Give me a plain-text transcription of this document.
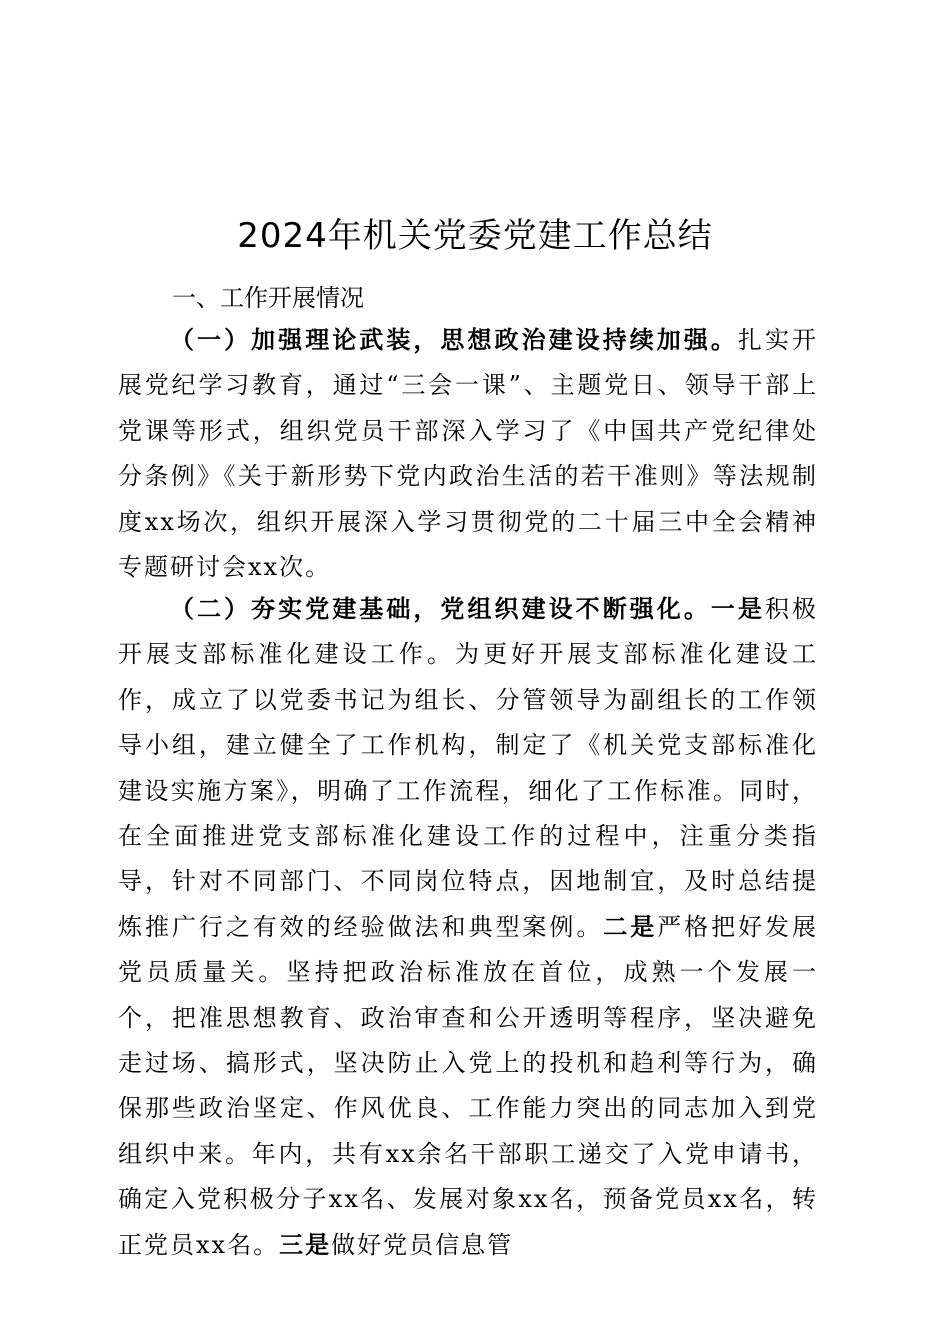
2024年机关党委党建工作总结
一、工作开展情况

（一）加强理论武装，思想政治建设持续加强。扎实开展党纪学习教育，通过“三会一课”、主题党日、领导干部上党课等形式，组织党员干部深入学习了《中国共产党纪律处分条例》《关于新形势下党内政治生活的若干准则》等法规制度xx场次，组织开展深入学习贯彻党的二十届三中全会精神专题研讨会xx次。

（二）夯实党建基础，党组织建设不断强化。一是积极开展支部标准化建设工作。为更好开展支部标准化建设工作，成立了以党委书记为组长、分管领导为副组长的工作领导小组，建立健全了工作机构，制定了《机关党支部标准化建设实施方案》，明确了工作流程，细化了工作标准。同时，在全面推进党支部标准化建设工作的过程中，注重分类指导，针对不同部门、不同岗位特点，因地制宜，及时总结提炼推广行之有效的经验做法和典型案例。二是严格把好发展党员质量关。坚持把政治标准放在首位，成熟一个发展一个，把准思想教育、政治审查和公开透明等程序，坚决避免走过场、搞形式，坚决防止入党上的投机和趋利等行为，确保那些政治坚定、作风优良、工作能力突出的同志加入到党组织中来。年内，共有xx余名干部职工递交了入党申请书，确定入党积极分子xx名、发展对象xx名，预备党员xx名，转正党员xx名。三是做好党员信息管
